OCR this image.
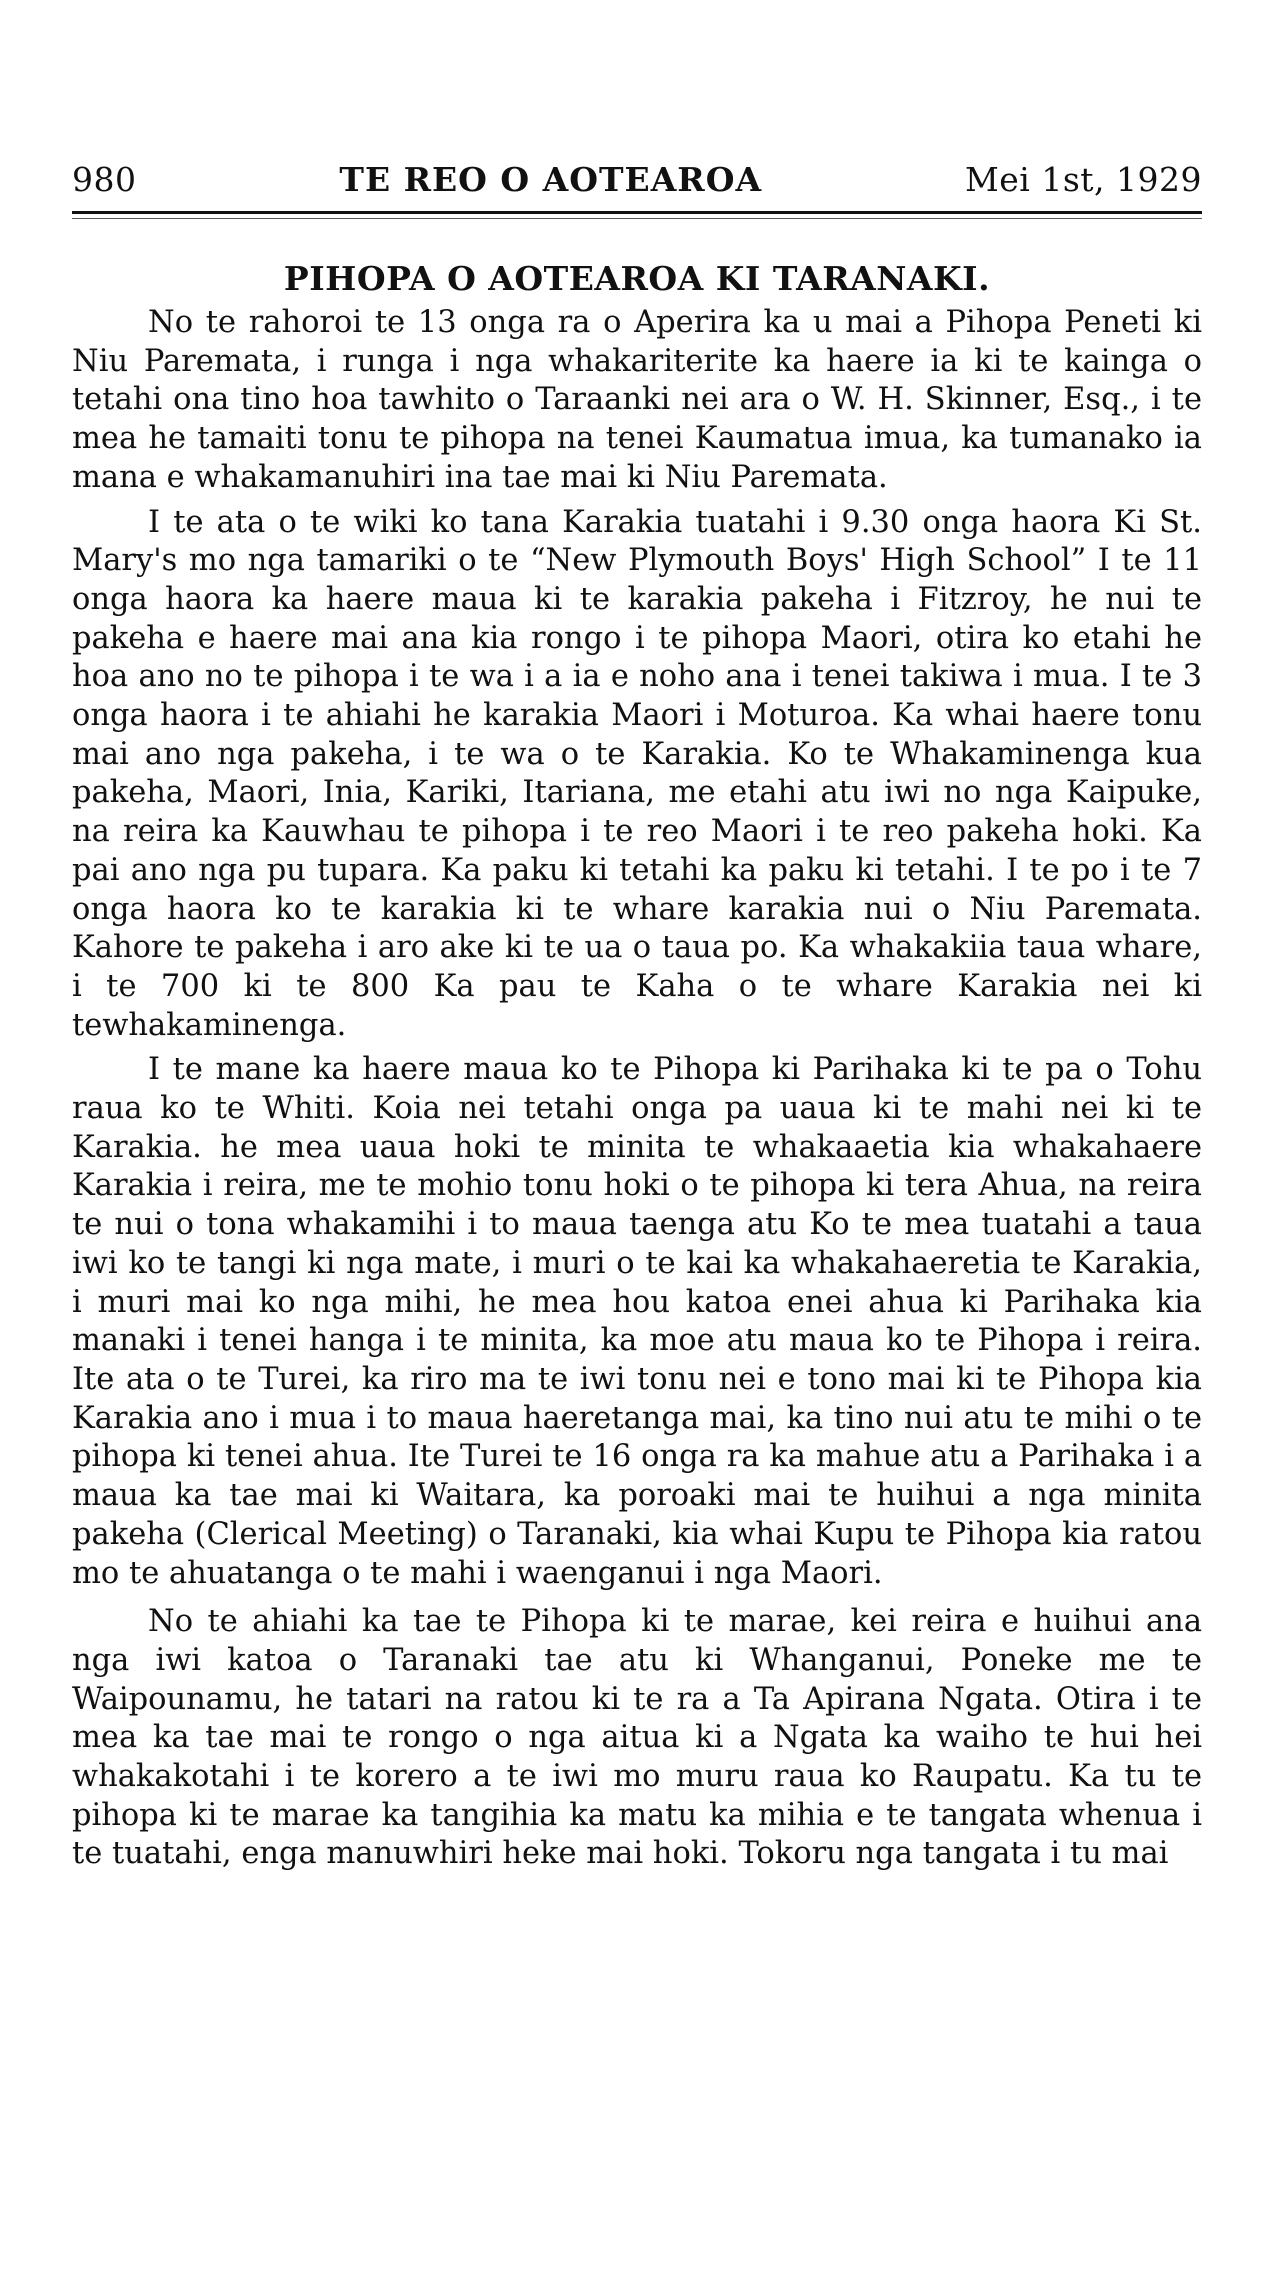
980	TE REO O AOTEAROA	Mei 1st, 1929
PIHOPA O AOTEAROA KI TARANAKI.

No te rahoroi te 13 onga ra o Aperira ka u mai a Pihopa Peneti ki Niu Paremata, i runga i nga whakariterite ka haere ia ki te kainga o tetahi ona tino hoa tawhito o Taraanki nei ara o W. H. Skinner, Esq., i te mea he tamaiti tonu te pihopa na tenei Kaumatua imua, ka tumanako ia mana e whakamanuhiri ina tae mai ki Niu Paremata.

I te ata o te wiki ko tana Karakia tuatahi i 9.30 onga haora Ki St. Mary's mo nga tamariki o te “New Plymouth Boys' High School” I te 11 onga haora ka haere maua ki te karakia pakeha i Fitzroy, he nui te pakeha e haere mai ana kia rongo i te pihopa Maori, otira ko etahi he hoa ano no te pihopa i te wa i a ia e noho ana i tenei takiwa i mua. I te 3 onga haora i te ahiahi he karakia Maori i Moturoa. Ka whai haere tonu mai ano nga pakeha, i te wa o te Karakia. Ko te Whakaminenga kua pakeha, Maori, Inia, Kariki, Itariana, me etahi atu iwi no nga Kaipuke, na reira ka Kauwhau te pihopa i te reo Maori i te reo pakeha hoki. Ka pai ano nga pu tupara. Ka paku ki tetahi ka paku ki tetahi. I te po i te 7 onga haora ko te karakia ki te whare karakia nui o Niu Paremata. Kahore te pakeha i aro ake ki te ua o taua po. Ka whakakiia taua whare, i te 700 ki te 800 Ka pau te Kaha o te whare Karakia nei ki tewhakaminenga.

I te mane ka haere maua ko te Pihopa ki Parihaka ki te pa o Tohu raua ko te Whiti. Koia nei tetahi onga pa uaua ki te mahi nei ki te Karakia. he mea uaua hoki te minita te whakaaetia kia whakahaere Karakia i reira, me te mohio tonu hoki o te pihopa ki tera Ahua, na reira te nui o tona whakamihi i to maua taenga atu Ko te mea tuatahi a taua iwi ko te tangi ki nga mate, i muri o te kai ka whakahaeretia te Karakia, i muri mai ko nga mihi, he mea hou katoa enei ahua ki Parihaka kia manaki i tenei hanga i te minita, ka moe atu maua ko te Pihopa i reira. Ite ata o te Turei, ka riro ma te iwi tonu nei e tono mai ki te Pihopa kia Karakia ano i mua i to maua haeretanga mai, ka tino nui atu te mihi o te pihopa ki tenei ahua. Ite Turei te 16 onga ra ka mahue atu a Parihaka i a maua ka tae mai ki Waitara, ka poroaki mai te huihui a nga minita pakeha (Clerical Meeting) o Taranaki, kia whai Kupu te Pihopa kia ratou mo te ahuatanga o te mahi i waenganui i nga Maori.

No te ahiahi ka tae te Pihopa ki te marae, kei reira e huihui ana nga iwi katoa o Taranaki tae atu ki Whanganui, Poneke me te Waipounamu, he tatari na ratou ki te ra a Ta Apirana Ngata. Otira i te mea ka tae mai te rongo o nga aitua ki a Ngata ka waiho te hui hei whakakotahi i te korero a te iwi mo muru raua ko Raupatu. Ka tu te pihopa ki te marae ka tangihia ka matu ka mihia e te tangata whenua i te tuatahi, enga manuwhiri heke mai hoki. Tokoru nga tangata i tu mai
